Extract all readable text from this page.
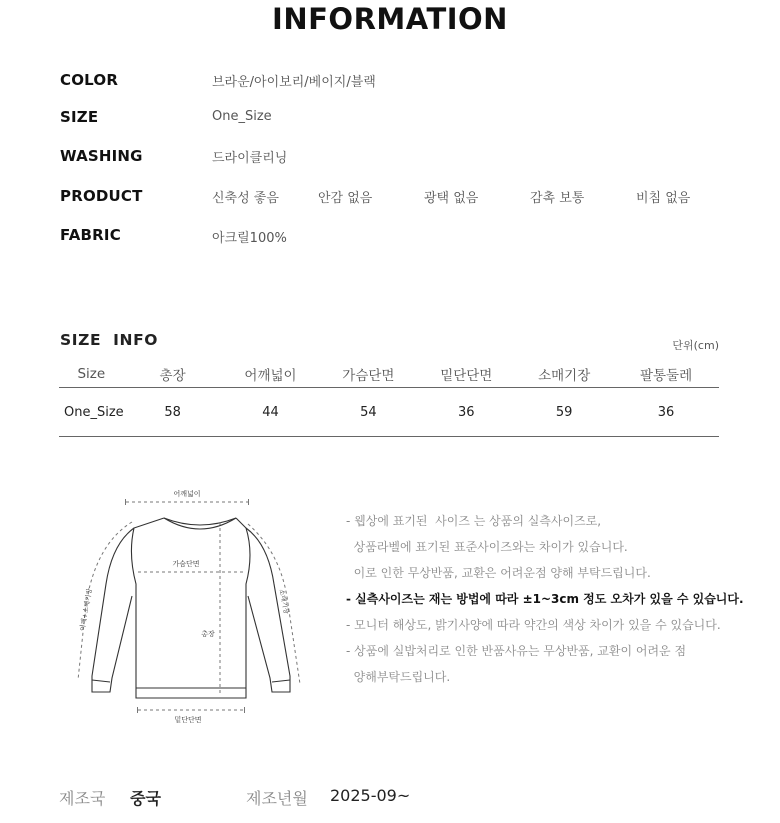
INFORMATION
COLOR	브라운/아이보리/베이지/블랙
SIZE	One_Size
WASHING	드라이클리닝
PRODUCT	신축성 좋음	안감 없음	광택 없음	감촉 보통	비침 없음
FABRIC	아크릴100%
SIZE  INFO	단위(cm)
Size	총장	어깨넓이	가슴단면	밑단단면	소매기장	팔통둘레
One_Size	58	44	54	36	59	36
어깨넓이
가슴단면
총장
밑단단면
어깨+소매기장	소매기장
- 웹상에 표기된  사이즈 는 상품의 실측사이즈로,
상품라벨에 표기된 표준사이즈와는 차이가 있습니다.
이로 인한 무상반품, 교환은 어려운점 양해 부탁드립니다.
- 실측사이즈는 재는 방법에 따라 ±1~3cm 정도 오차가 있을 수 있습니다.
- 모니터 해상도, 밝기사양에 따라 약간의 색상 차이가 있을 수 있습니다.
- 상품에 실밥처리로 인한 반품사유는 무상반품, 교환이 어려운 점
양해부탁드립니다.
제조국 중국	제조년월 2025-09~
